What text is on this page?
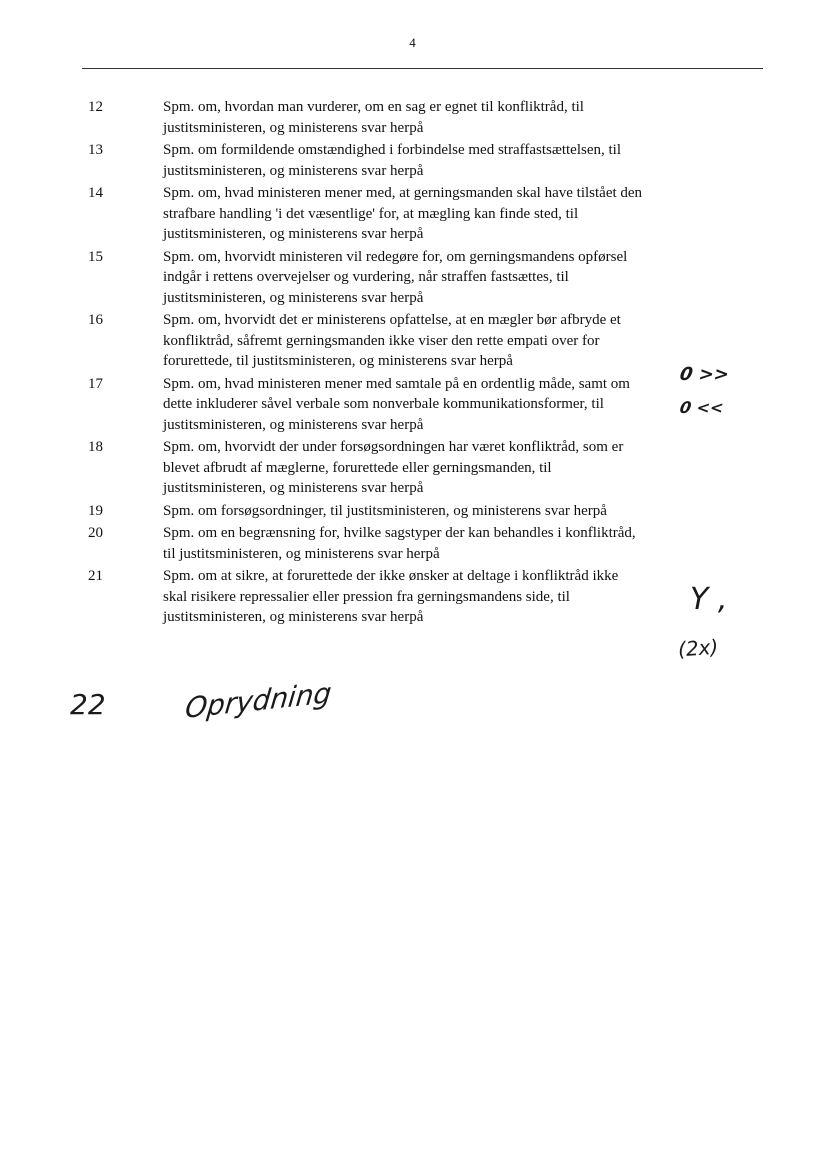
4
12	Spm. om, hvordan man vurderer, om en sag er egnet til konfliktråd, til justitsministeren, og ministerens svar herpå
13	Spm. om formildende omstændighed i forbindelse med straffastsættelsen, til justitsministeren, og ministerens svar herpå
14	Spm. om, hvad ministeren mener med, at gerningsmanden skal have tilstået den strafbare handling 'i det væsentlige' for, at mægling kan finde sted, til justitsministeren, og ministerens svar herpå
15	Spm. om, hvorvidt ministeren vil redegøre for, om gerningsmandens opførsel indgår i rettens overvejelser og vurdering, når straffen fastsættes, til justitsministeren, og ministerens svar herpå
16	Spm. om, hvorvidt det er ministerens opfattelse, at en mægler bør afbryde et konfliktråd, såfremt gerningsmanden ikke viser den rette empati over for forurettede, til justitsministeren, og ministerens svar herpå
17	Spm. om, hvad ministeren mener med samtale på en ordentlig måde, samt om dette inkluderer såvel verbale som nonverbale kommunikationsformer, til justitsministeren, og ministerens svar herpå
18	Spm. om, hvorvidt der under forsøgsordningen har været konfliktråd, som er blevet afbrudt af mæglerne, forurettede eller gerningsmanden, til justitsministeren, og ministerens svar herpå
19	Spm. om forsøgsordninger, til justitsministeren, og ministerens svar herpå
20	Spm. om en begrænsning for, hvilke sagstyper der kan behandles i konfliktråd, til justitsministeren, og ministerens svar herpå
21	Spm. om at sikre, at forurettede der ikke ønsker at deltage i konfliktråd ikke skal risikere repressalier eller pression fra gerningsmandens side, til justitsministeren, og ministerens svar herpå
0 >>
0 <<
Y ,
(2x)
22	Oprydning
